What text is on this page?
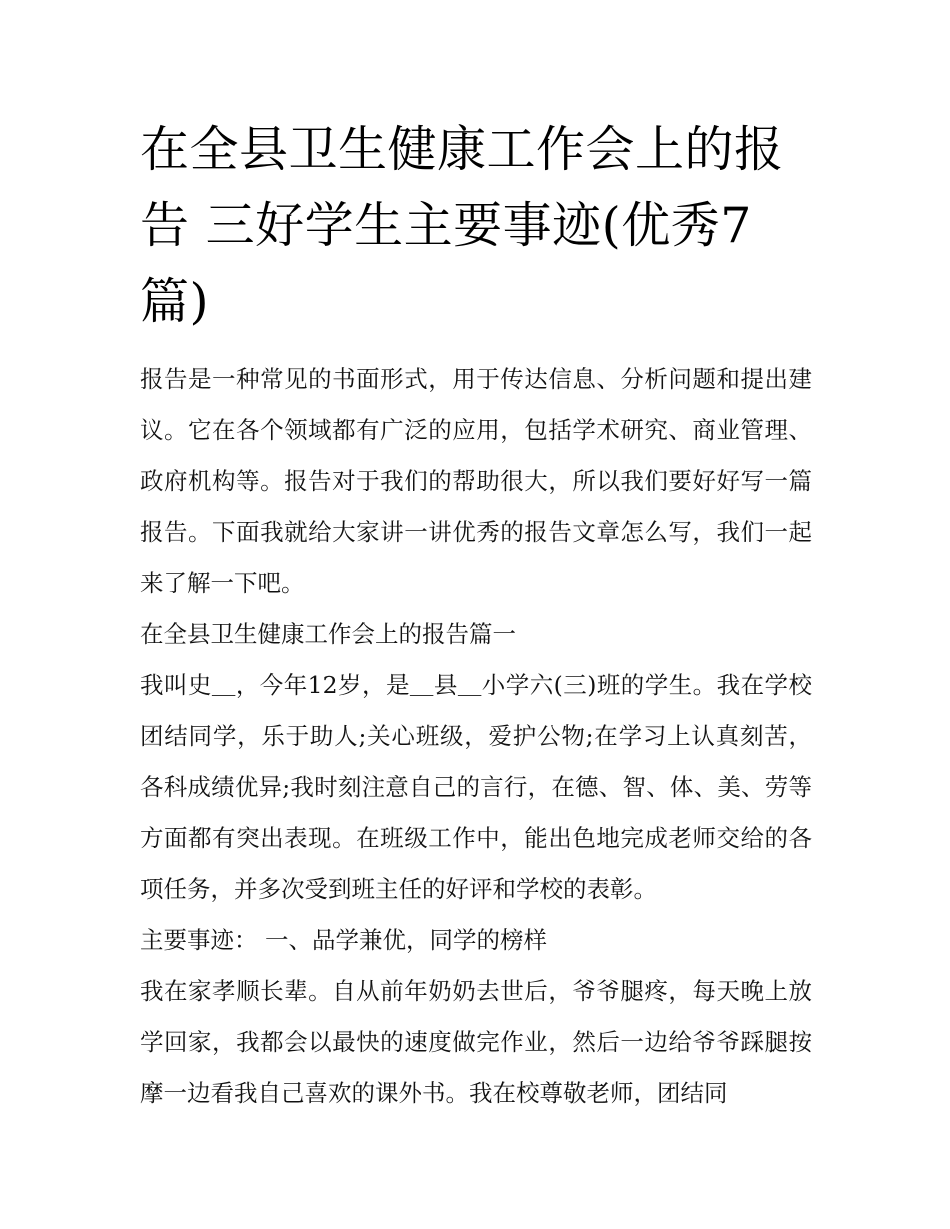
在全县卫生健康工作会上的报告 三好学生主要事迹(优秀7篇)

报告是一种常见的书面形式，用于传达信息、分析问题和提出建议。它在各个领域都有广泛的应用，包括学术研究、商业管理、政府机构等。报告对于我们的帮助很大，所以我们要好好写一篇报告。下面我就给大家讲一讲优秀的报告文章怎么写，我们一起来了解一下吧。

在全县卫生健康工作会上的报告篇一

我叫史＿，今年12岁，是＿县＿小学六(三)班的学生。我在学校团结同学，乐于助人;关心班级，爱护公物;在学习上认真刻苦，各科成绩优异;我时刻注意自己的言行，在德、智、体、美、劳等方面都有突出表现。在班级工作中，能出色地完成老师交给的各项任务，并多次受到班主任的好评和学校的表彰。

主要事迹： 一、品学兼优，同学的榜样

我在家孝顺长辈。自从前年奶奶去世后，爷爷腿疼，每天晚上放学回家，我都会以最快的速度做完作业，然后一边给爷爷踩腿按摩一边看我自己喜欢的课外书。我在校尊敬老师，团结同
